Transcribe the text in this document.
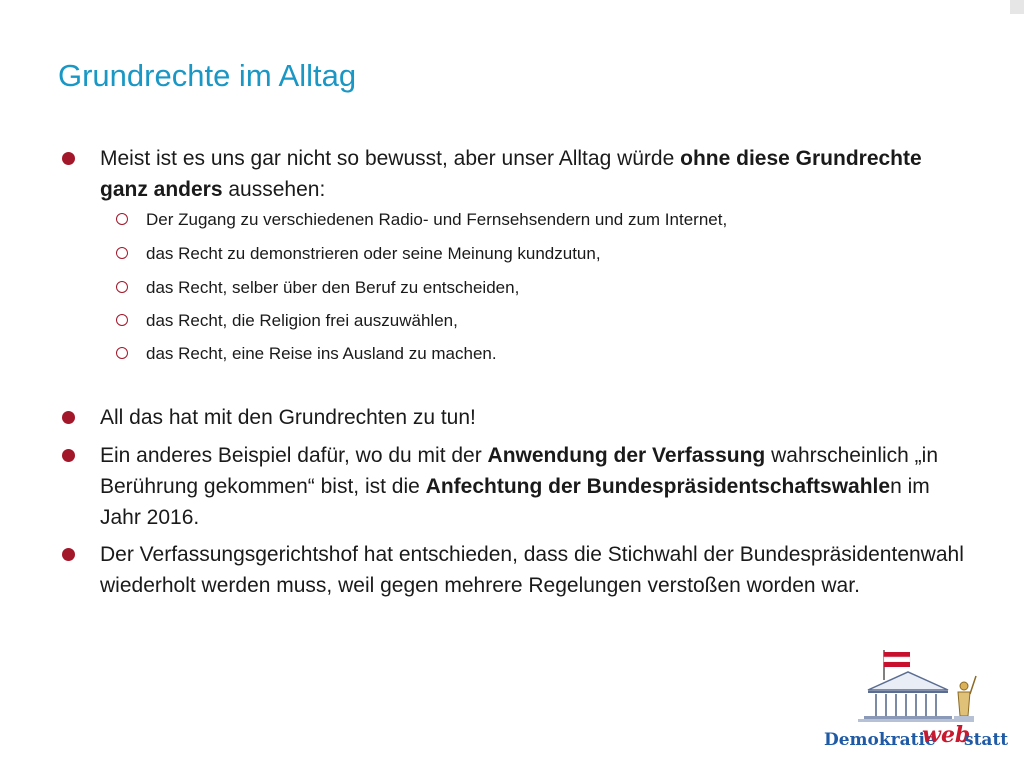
Grundrechte im Alltag
Meist ist es uns gar nicht so bewusst, aber unser Alltag würde ohne diese Grundrechte ganz anders aussehen:
Der Zugang zu verschiedenen Radio- und Fernsehsendern und zum Internet,
das Recht zu demonstrieren oder seine Meinung kundzutun,
das Recht, selber über den Beruf zu entscheiden,
das Recht, die Religion frei auszuwählen,
das Recht, eine Reise ins Ausland zu machen.
All das hat mit den Grundrechten zu tun!
Ein anderes Beispiel dafür, wo du mit der Anwendung der Verfassung wahrscheinlich „in Berührung gekommen“ bist, ist die Anfechtung der Bundespräsidentschaftswahlen im Jahr 2016.
Der Verfassungsgerichtshof hat entschieden, dass die Stichwahl der Bundespräsidentenwahl wiederholt werden muss, weil gegen mehrere Regelungen verstoßen worden war.
Demokratie
web
statt
